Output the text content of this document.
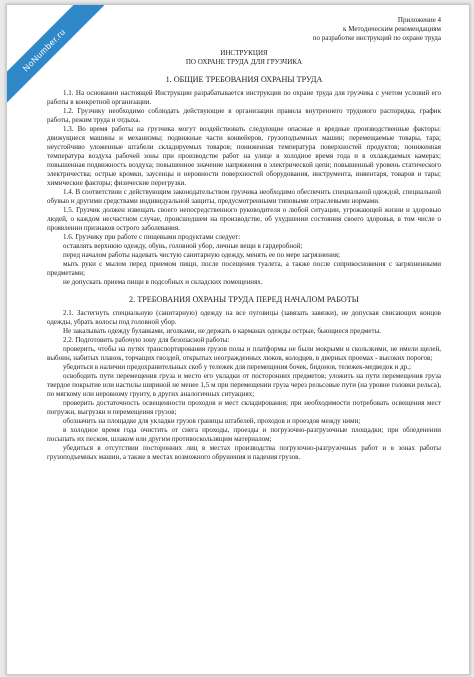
NoNumber.ru
Приложение 4
к Методическим рекомендациям
по разработке инструкций по охране труда
ИНСТРУКЦИЯ
ПО ОХРАНЕ ТРУДА ДЛЯ ГРУЗЧИКА
1. ОБЩИЕ ТРЕБОВАНИЯ ОХРАНЫ ТРУДА
1.1. На основании настоящей Инструкции разрабатывается инструкция по охране труда для грузчика с учетом условий его работы в конкретной организации.
1.2. Грузчику необходимо соблюдать действующие в организации правила внутреннего трудового распорядка, график работы, режим труда и отдыха.
1.3. Во время работы на грузчика могут воздействовать следующие опасные и вредные производственные факторы: движущиеся машины и механизмы; подвижные части конвейеров, грузоподъемных машин; перемещаемые товары, тара; неустойчиво уложенные штабели складируемых товаров; пониженная температура поверхностей продуктов; пониженная температура воздуха рабочей зоны при производстве работ на улице в холодное время года и в охлаждаемых камерах; повышенная подвижность воздуха; повышенное значение напряжения в электрической цепи; повышенный уровень статического электричества; острые кромки, заусенцы и неровности поверхностей оборудования, инструмента, инвентаря, товаров и тары; химические факторы; физические перегрузки.
1.4. В соответствии с действующим законодательством грузчика необходимо обеспечить специальной одеждой, специальной обувью и другими средствами индивидуальной защиты, предусмотренными типовыми отраслевыми нормами.
1.5. Грузчик должен извещать своего непосредственного руководителя о любой ситуации, угрожающей жизни и здоровью людей, о каждом несчастном случае, происшедшем на производстве, об ухудшении состояния своего здоровья, в том числе о проявлении признаков острого заболевания.
1.6. Грузчику при работе с пищевыми продуктами следует:
оставлять верхнюю одежду, обувь, головной убор, личные вещи в гардеробной;
перед началом работы надевать чистую санитарную одежду, менять ее по мере загрязнения;
мыть руки с мылом перед приемом пищи, после посещения туалета, а также после соприкосновения с загрязненными предметами;
не допускать приема пищи в подсобных и складских помещениях.
2. ТРЕБОВАНИЯ ОХРАНЫ ТРУДА ПЕРЕД НАЧАЛОМ РАБОТЫ
2.1. Застегнуть специальную (санитарную) одежду на все пуговицы (завязать завязки), не допуская свисающих концов одежды, убрать волосы под головной убор.
Не закалывать одежду булавками, иголками, не держать в карманах одежды острые, бьющиеся предметы.
2.2. Подготовить рабочую зону для безопасной работы:
проверить, чтобы на путях транспортирования грузов полы и платформы не были мокрыми и скользкими, не имели щелей, выбоин, набитых планок, торчащих гвоздей, открытых неогражденных люков, колодцев, в дверных проемах - высоких порогов;
убедиться в наличии предохранительных скоб у тележек для перемещения бочек, бидонов, тележек-медведок и др.;
освободить пути перемещения груза и место его укладки от посторонних предметов; уложить на пути перемещения груза твердое покрытие или настилы шириной не менее 1,5 м при перемещении груза через рельсовые пути (на уровне головки рельса), по мягкому или неровному грунту, в других аналогичных ситуациях;
проверить достаточность освещенности проходов и мест складирования; при необходимости потребовать освещения мест погрузки, выгрузки и перемещения грузов;
обозначить на площадке для укладки грузов границы штабелей, проходов и проездов между ними;
в холодное время года очистить от снега проходы, проезды и погрузочно-разгрузочные площадки; при обледенении посыпать их песком, шлаком или другим противоскользящим материалом;
убедиться в отсутствии посторонних лиц в местах производства погрузочно-разгрузочных работ и в зонах работы грузоподъемных машин, а также в местах возможного обрушения и падения грузов.
